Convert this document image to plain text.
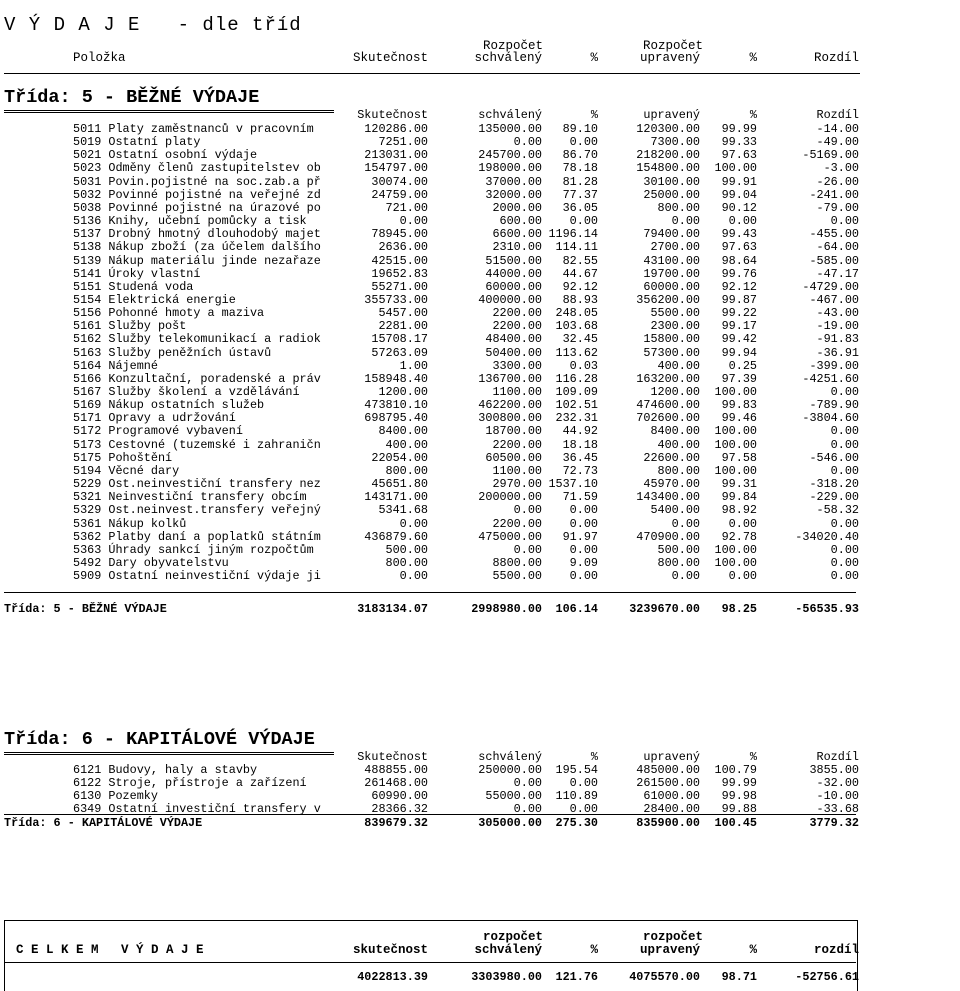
V Ý D A J E   - dle tříd
Rozpočet	Rozpočet
Položka	Skutečnost	schválený	%	upravený	%	Rozdíl
Třída: 5 - BĚŽNÉ VÝDAJE
Skutečnost	schválený	%	upravený	%	Rozdíl
5011 Platy zaměstnanců v pracovním	120286.00	135000.00 89.10	120300.00 99.99	-14.00
5019 Ostatní platy	7251.00	0.00 0.00	7300.00 99.33	-49.00
5021 Ostatní osobní výdaje	213031.00	245700.00 86.70	218200.00 97.63	-5169.00
5023 Odměny členů zastupitelstev ob	154797.00	198000.00 78.18	154800.00 100.00	-3.00
5031 Povin.pojistné na soc.zab.a př	30074.00	37000.00 81.28	30100.00 99.91	-26.00
5032 Povinné pojistné na veřejné zd	24759.00	32000.00 77.37	25000.00 99.04	-241.00
5038 Povinné pojistné na úrazové po	721.00	2000.00 36.05	800.00 90.12	-79.00
5136 Knihy, učební pomůcky a tisk	0.00	600.00 0.00	0.00 0.00	0.00
5137 Drobný hmotný dlouhodobý majet	78945.00	6600.00 1196.14	79400.00 99.43	-455.00
5138 Nákup zboží (za účelem dalšího	2636.00	2310.00 114.11	2700.00 97.63	-64.00
5139 Nákup materiálu jinde nezařaze	42515.00	51500.00 82.55	43100.00 98.64	-585.00
5141 Úroky vlastní	19652.83	44000.00 44.67	19700.00 99.76	-47.17
5151 Studená voda	55271.00	60000.00 92.12	60000.00 92.12	-4729.00
5154 Elektrická energie	355733.00	400000.00 88.93	356200.00 99.87	-467.00
5156 Pohonné hmoty a maziva	5457.00	2200.00 248.05	5500.00 99.22	-43.00
5161 Služby pošt	2281.00	2200.00 103.68	2300.00 99.17	-19.00
5162 Služby telekomunikací a radiok	15708.17	48400.00 32.45	15800.00 99.42	-91.83
5163 Služby peněžních ústavů	57263.09	50400.00 113.62	57300.00 99.94	-36.91
5164 Nájemné	1.00	3300.00 0.03	400.00 0.25	-399.00
5166 Konzultační, poradenské a práv	158948.40	136700.00 116.28	163200.00 97.39	-4251.60
5167 Služby školení a vzdělávání	1200.00	1100.00 109.09	1200.00 100.00	0.00
5169 Nákup ostatních služeb	473810.10	462200.00 102.51	474600.00 99.83	-789.90
5171 Opravy a udržování	698795.40	300800.00 232.31	702600.00 99.46	-3804.60
5172 Programové vybavení	8400.00	18700.00 44.92	8400.00 100.00	0.00
5173 Cestovné (tuzemské i zahraničn	400.00	2200.00 18.18	400.00 100.00	0.00
5175 Pohoštění	22054.00	60500.00 36.45	22600.00 97.58	-546.00
5194 Věcné dary	800.00	1100.00 72.73	800.00 100.00	0.00
5229 Ost.neinvestiční transfery nez	45651.80	2970.00 1537.10	45970.00 99.31	-318.20
5321 Neinvestiční transfery obcím	143171.00	200000.00 71.59	143400.00 99.84	-229.00
5329 Ost.neinvest.transfery veřejný	5341.68	0.00 0.00	5400.00 98.92	-58.32
5361 Nákup kolků	0.00	2200.00 0.00	0.00 0.00	0.00
5362 Platby daní a poplatků státním	436879.60	475000.00 91.97	470900.00 92.78	-34020.40
5363 Úhrady sankcí jiným rozpočtům	500.00	0.00 0.00	500.00 100.00	0.00
5492 Dary obyvatelstvu	800.00	8800.00 9.09	800.00 100.00	0.00
5909 Ostatní neinvestiční výdaje ji	0.00	5500.00 0.00	0.00 0.00	0.00
Třída: 5 - BĚŽNÉ VÝDAJE	3183134.07	2998980.00 106.14	3239670.00 98.25	-56535.93
Třída: 6 - KAPITÁLOVÉ VÝDAJE
Skutečnost	schválený	%	upravený	%	Rozdíl
6121 Budovy, haly a stavby	488855.00	250000.00 195.54	485000.00 100.79	3855.00
6122 Stroje, přístroje a zařízení	261468.00	0.00 0.00	261500.00 99.99	-32.00
6130 Pozemky	60990.00	55000.00 110.89	61000.00 99.98	-10.00
6349 Ostatní investiční transfery v	28366.32	0.00 0.00	28400.00 99.88	-33.68
Třída: 6 - KAPITÁLOVÉ VÝDAJE	839679.32	305000.00 275.30	835900.00 100.45	3779.32
rozpočet	rozpočet
C E L K E M   V Ý D A J E	skutečnost	schválený	%	upravený	%	rozdíl
4022813.39	3303980.00 121.76	4075570.00 98.71	-52756.61
